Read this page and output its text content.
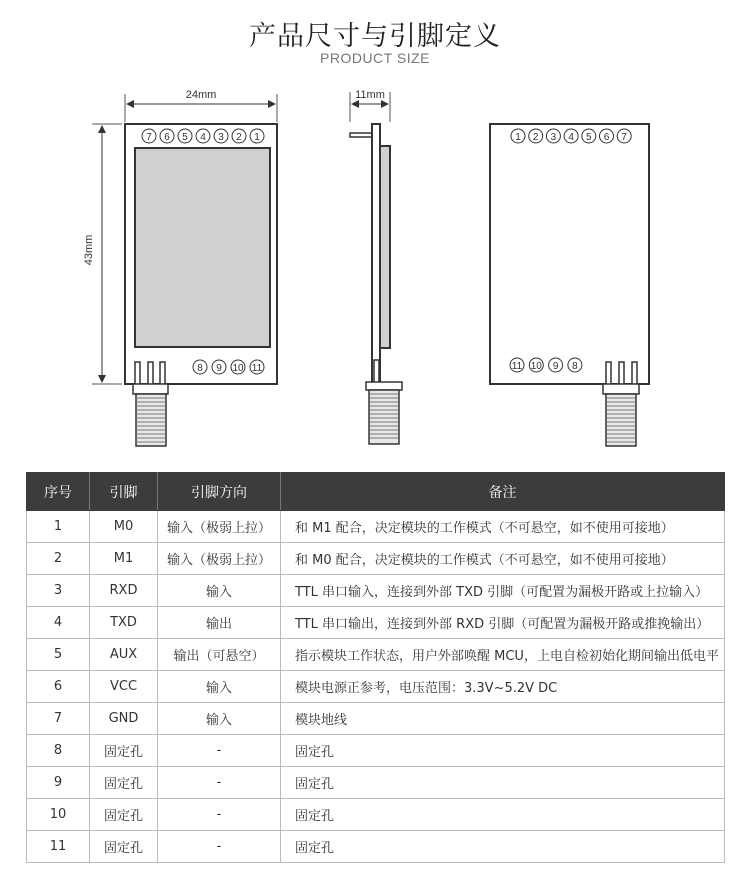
产品尺寸与引脚定义
PRODUCT SIZE
24mm
43mm
7 6 5 4 3 2 1
8 9 10 11
11mm
1 2 3 4 5 6 7
11 10 9 8
序号	引脚	引脚方向	备注
1	M0	输入（极弱上拉）	和 M1 配合，决定模块的工作模式（不可悬空，如不使用可接地）
2	M1	输入（极弱上拉）	和 M0 配合，决定模块的工作模式（不可悬空，如不使用可接地）
3	RXD	输入	TTL 串口输入，连接到外部 TXD 引脚（可配置为漏极开路或上拉输入）
4	TXD	输出	TTL 串口输出，连接到外部 RXD 引脚（可配置为漏极开路或推挽输出）
5	AUX	输出（可悬空）	指示模块工作状态，用户外部唤醒 MCU，上电自检初始化期间输出低电平
6	VCC	输入	模块电源正参考，电压范围：3.3V~5.2V DC
7	GND	输入	模块地线
8	固定孔	-	固定孔
9	固定孔	-	固定孔
10	固定孔	-	固定孔
11	固定孔	-	固定孔
